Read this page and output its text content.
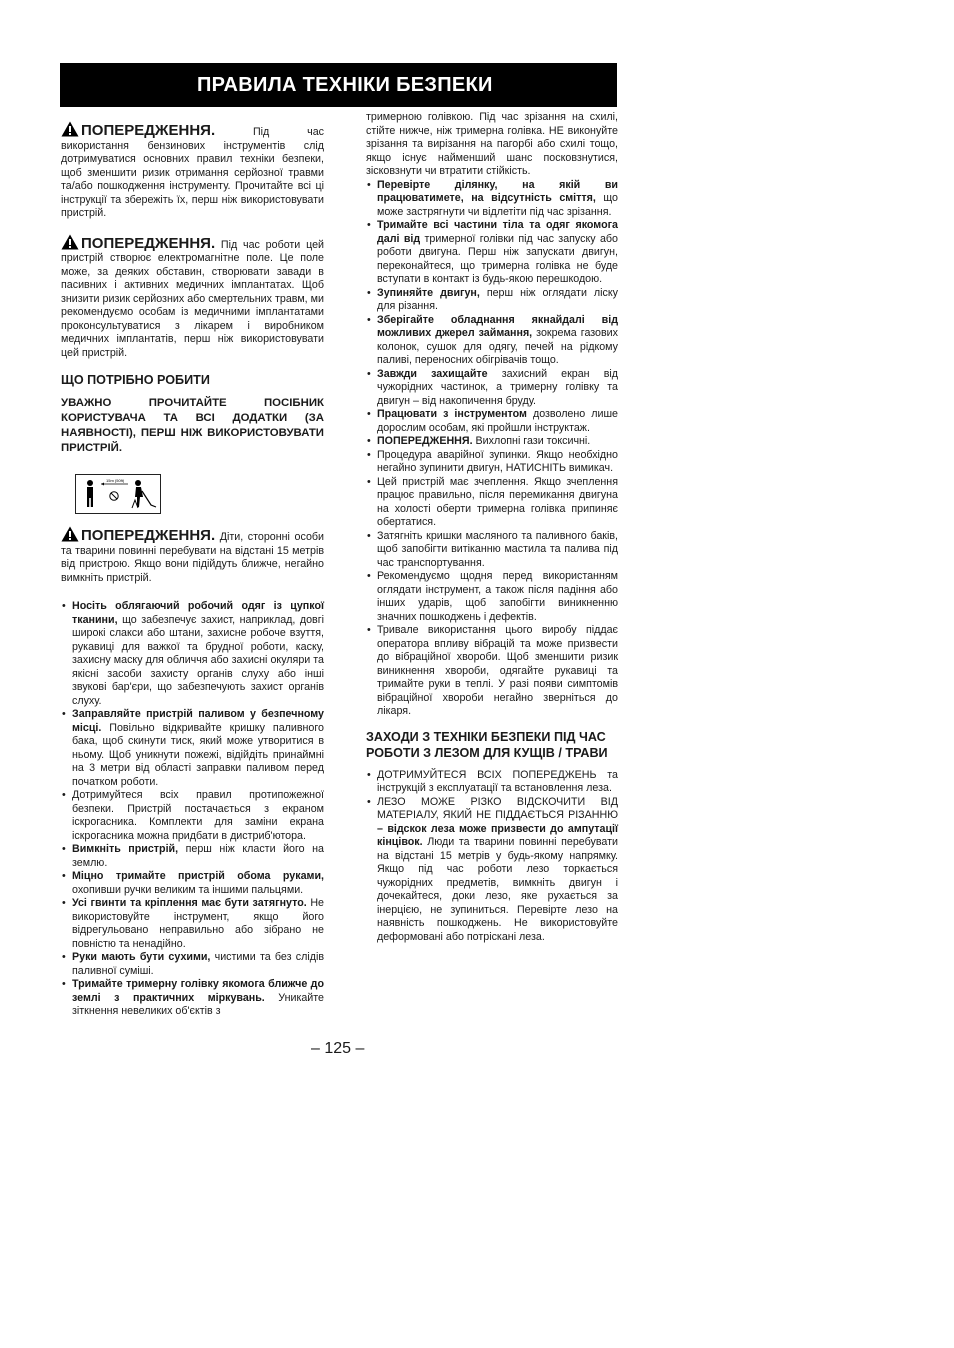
ПРАВИЛА ТЕХНІКИ БЕЗПЕКИ

ПОПЕРЕДЖЕННЯ.	Під час використання бензинових інструментів слід дотримуватися основних правил техніки безпеки, щоб зменшити ризик отримання серйозної травми та/або пошкодження інструменту. Прочитайте всі ці інструкції та збережіть їх, перш ніж використовувати пристрій.

ПОПЕРЕДЖЕННЯ. Під час роботи цей пристрій створює електромагнітне поле. Це поле може, за деяких обставин, створювати завади в пасивних і активних медичних імплантатах. Щоб знизити ризик серйозних або смертельних травм, ми рекомендуємо особам із медичними імплантатами проконсультуватися з лікарем і виробником медичних імплантатів, перш ніж використовувати цей пристрій.

ЩО ПОТРІБНО РОБИТИ

УВАЖНО ПРОЧИТАЙТЕ ПОСІБНИК КОРИСТУВАЧА ТА ВСІ ДОДАТКИ (ЗА НАЯВНОСТІ), ПЕРШ НІЖ ВИКОРИСТОВУВАТИ ПРИСТРІЙ.

15m (50ft)

ПОПЕРЕДЖЕННЯ. Діти, сторонні особи та тварини повинні перебувати на відстані 15 метрів від пристрою. Якщо вони підійдуть ближче, негайно вимкніть пристрій.

• Носіть облягаючий робочий одяг із цупкої тканини, що забезпечує захист, наприклад, довгі широкі слакси або штани, захисне робоче взуття, рукавиці для важкої та брудної роботи, каску, захисну маску для обличчя або захисні окуляри та якісні засоби захисту органів слуху або інші звукові бар'єри, що забезпечують захист органів слуху.
• Заправляйте пристрій паливом у безпечному місці. Повільно відкривайте кришку паливного бака, щоб скинути тиск, який може утворитися в ньому. Щоб уникнути пожежі, відійдіть принаймні на 3 метри від області заправки паливом перед початком роботи.
• Дотримуйтеся всіх правил протипожежної безпеки. Пристрій постачається з екраном іскрогасника. Комплекти для заміни екрана іскрогасника можна придбати в дистриб'ютора.
• Вимкніть пристрій, перш ніж класти його на землю.
• Міцно тримайте пристрій обома руками, охопивши ручки великим та іншими пальцями.
• Усі гвинти та кріплення має бути затягнуто. Не використовуйте інструмент, якщо його відрегульовано неправильно або зібрано не повністю та ненадійно.
• Руки мають бути сухими, чистими та без слідів паливної суміші.
• Тримайте тримерну голівку якомога ближче до землі з практичних міркувань. Уникайте зіткнення невеликих об'єктів з

тримерною голівкою. Під час зрізання на схилі, стійте нижче, ніж тримерна голівка. НЕ виконуйте зрізання та вирізання на пагорбі або схилі тощо, якщо існує найменший шанс посковзнутися, зісковзнути чи втратити стійкість.

• Перевірте ділянку, на якій ви працюватимете, на відсутність сміття, що може застрягнути чи відлетіти під час зрізання.
• Тримайте всі частини тіла та одяг якомога далі від тримерної голівки під час запуску або роботи двигуна. Перш ніж запускати двигун, переконайтеся, що тримерна голівка не буде вступати в контакт із будь-якою перешкодою.
• Зупиняйте двигун, перш ніж оглядати ліску для різання.
• Зберігайте обладнання якнайдалі від можливих джерел займання, зокрема газових колонок, сушок для одягу, печей на рідкому паливі, переносних обігрівачів тощо.
• Завжди захищайте захисний екран від чужорідних частинок, а тримерну голівку та двигун – від накопичення бруду.
• Працювати з інструментом дозволено лише дорослим особам, які пройшли інструктаж.
• ПОПЕРЕДЖЕННЯ. Вихлопні гази токсичні.
• Процедура аварійної зупинки. Якщо необхідно негайно зупинити двигун, НАТИСНІТЬ вимикач.
• Цей пристрій має зчеплення. Якщо зчеплення працює правильно, після перемикання двигуна на холості оберти тримерна голівка припиняє обертатися.
• Затягніть кришки масляного та паливного баків, щоб запобігти витіканню мастила та палива під час транспортування.
• Рекомендуємо щодня перед використанням оглядати інструмент, а також після падіння або інших ударів, щоб запобігти виникненню значних пошкоджень і дефектів.
• Тривале використання цього виробу піддає оператора впливу вібрацій та може призвести до вібраційної хвороби. Щоб зменшити ризик виникнення хвороби, одягайте рукавиці та тримайте руки в теплі. У разі появи симптомів вібраційної хвороби негайно зверніться до лікаря.
ЗАХОДИ З ТЕХНІКИ БЕЗПЕКИ ПІД ЧАС РОБОТИ З ЛЕЗОМ ДЛЯ КУЩІВ / ТРАВИ
• ДОТРИМУЙТЕСЯ ВСІХ ПОПЕРЕДЖЕНЬ та інструкцій з експлуатації та встановлення леза.
• ЛЕЗО МОЖЕ РІЗКО ВІДСКОЧИТИ ВІД МАТЕРІАЛУ, ЯКИЙ НЕ ПІДДАЄТЬСЯ РІЗАННЮ – відскок леза може призвести до ампутації кінцівок. Люди та тварини повинні перебувати на відстані 15 метрів у будь-якому напрямку. Якщо під час роботи лезо торкається чужорідних предметів, вимкніть двигун і дочекайтеся, доки лезо, яке рухається за інерцією, не зупиниться. Перевірте лезо на наявність пошкоджень. Не використовуйте деформовані або потріскані леза.
– 125 –
